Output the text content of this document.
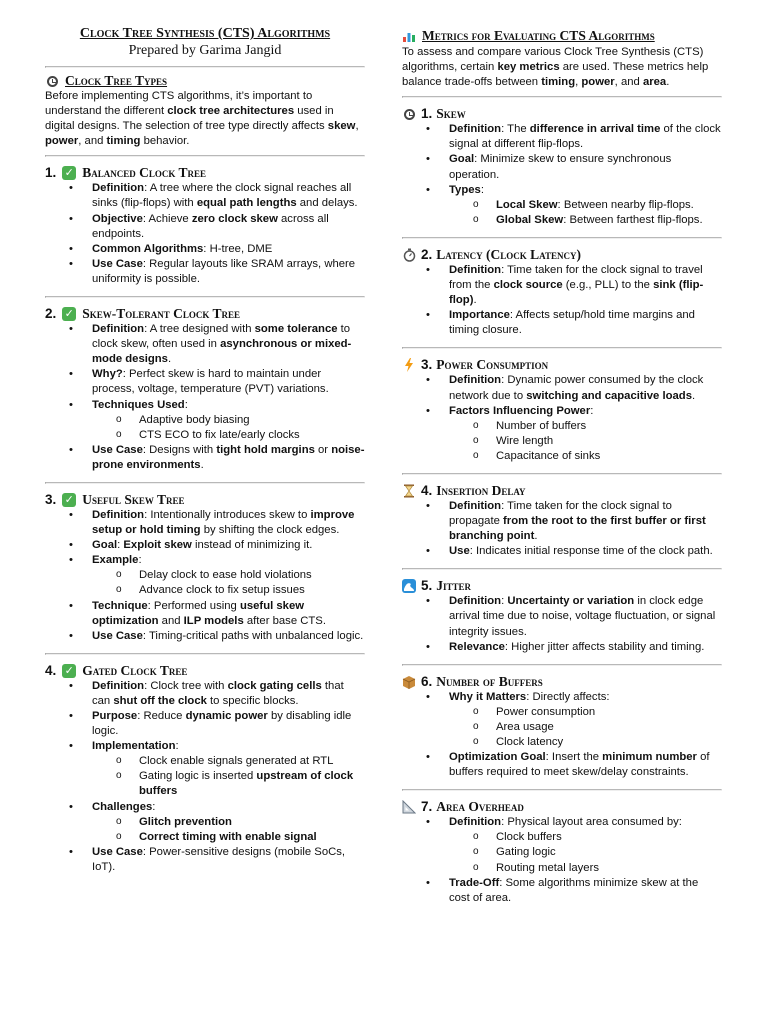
Clock Tree Synthesis (CTS) Algorithms
Prepared by Garima Jangid
Clock Tree Types

Before implementing CTS algorithms, it’s important to understand the different clock tree architectures used in digital designs. The selection of tree type directly affects skew, power, and timing behavior.

1. ✓ Balanced Clock Tree
• Definition: A tree where the clock signal reaches all sinks (flip-flops) with equal path lengths and delays.
• Objective: Achieve zero clock skew across all endpoints.
• Common Algorithms: H-tree, DME
• Use Case: Regular layouts like SRAM arrays, where uniformity is possible.
2. ✓ Skew-Tolerant Clock Tree
• Definition: A tree designed with some tolerance to clock skew, often used in asynchronous or mixed-mode designs.
• Why?: Perfect skew is hard to maintain under process, voltage, temperature (PVT) variations.
• Techniques Used:
o Adaptive body biasing
o CTS ECO to fix late/early clocks
• Use Case: Designs with tight hold margins or noise-prone environments.
3. ✓ Useful Skew Tree
• Definition: Intentionally introduces skew to improve setup or hold timing by shifting the clock edges.
• Goal: Exploit skew instead of minimizing it.
• Example:
o Delay clock to ease hold violations
o Advance clock to fix setup issues
• Technique: Performed using useful skew optimization and ILP models after base CTS.
• Use Case: Timing-critical paths with unbalanced logic.
4. ✓ Gated Clock Tree
• Definition: Clock tree with clock gating cells that can shut off the clock to specific blocks.
• Purpose: Reduce dynamic power by disabling idle logic.
• Implementation:
o Clock enable signals generated at RTL
o Gating logic is inserted upstream of clock buffers
• Challenges:
o Glitch prevention
o Correct timing with enable signal
• Use Case: Power-sensitive designs (mobile SoCs, IoT).
Metrics for Evaluating CTS Algorithms

To assess and compare various Clock Tree Synthesis (CTS) algorithms, certain key metrics are used. These metrics help balance trade-offs between timing, power, and area.

1. Skew
• Definition: The difference in arrival time of the clock signal at different flip-flops.
• Goal: Minimize skew to ensure synchronous operation.
• Types:
o Local Skew: Between nearby flip-flops.
o Global Skew: Between farthest flip-flops.
2. Latency (Clock Latency)
• Definition: Time taken for the clock signal to travel from the clock source (e.g., PLL) to the sink (flip-flop).
• Importance: Affects setup/hold time margins and timing closure.
3. Power Consumption
• Definition: Dynamic power consumed by the clock network due to switching and capacitive loads.
• Factors Influencing Power:
o Number of buffers
o Wire length
o Capacitance of sinks
4. Insertion Delay
• Definition: Time taken for the clock signal to propagate from the root to the first buffer or first branching point.
• Use: Indicates initial response time of the clock path.
5. Jitter
• Definition: Uncertainty or variation in clock edge arrival time due to noise, voltage fluctuation, or signal integrity issues.
• Relevance: Higher jitter affects stability and timing.
6. Number of Buffers
• Why it Matters: Directly affects:
o Power consumption
o Area usage
o Clock latency
• Optimization Goal: Insert the minimum number of buffers required to meet skew/delay constraints.
7. Area Overhead
• Definition: Physical layout area consumed by:
o Clock buffers
o Gating logic
o Routing metal layers
• Trade-Off: Some algorithms minimize skew at the cost of area.
